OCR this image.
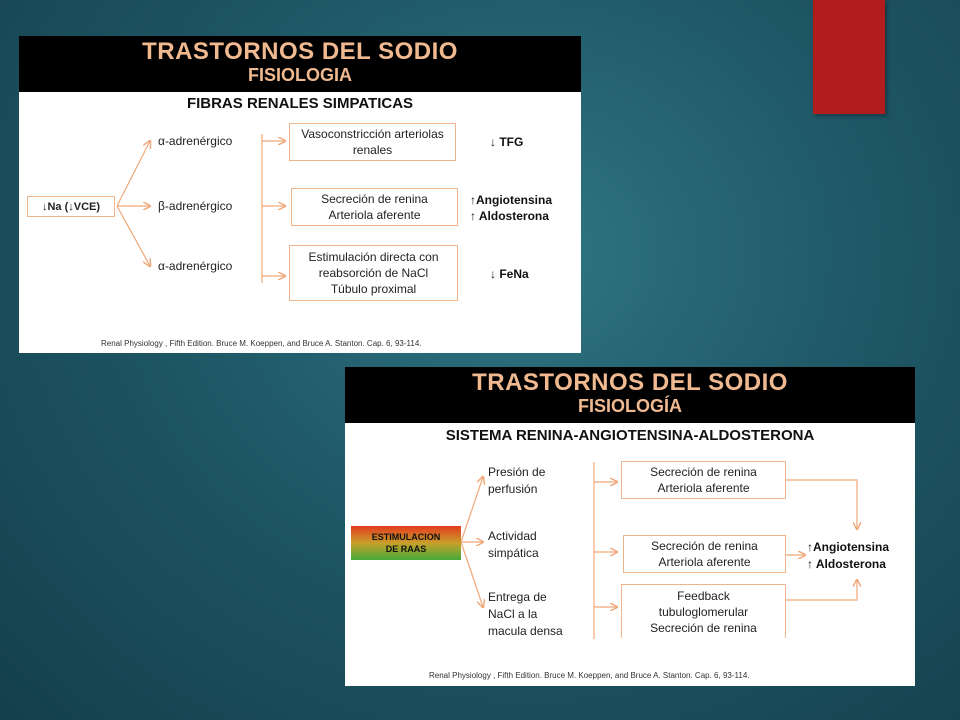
TRASTORNOS DEL SODIO
FISIOLOGIA
FIBRAS RENALES SIMPATICAS
↓Na (↓VCE)
α-adrenérgico
β-adrenérgico
α-adrenérgico
Vasoconstricción arteriolas
renales
Secreción de renina
Arteriola aferente
Estimulación directa con
reabsorción de NaCl
Túbulo proximal
↓ TFG
↑Angiotensina
↑ Aldosterona
↓ FeNa
Renal Physiology , Fifth Edition. Bruce M. Koeppen, and Bruce A. Stanton. Cap. 6, 93-114.
TRASTORNOS DEL SODIO
FISIOLOGÍA
SISTEMA RENINA-ANGIOTENSINA-ALDOSTERONA
ESTIMULACION
DE RAAS
Presión de
perfusión
Actividad
simpática
Entrega de
NaCl a la
macula densa
Secreción de renina
Arteriola aferente
Secreción de renina
Arteriola aferente
Feedback
tubuloglomerular
Secreción de renina
↑Angiotensina
↑ Aldosterona
Renal Physiology , Fifth Edition. Bruce M. Koeppen, and Bruce A. Stanton. Cap. 6, 93-114.
